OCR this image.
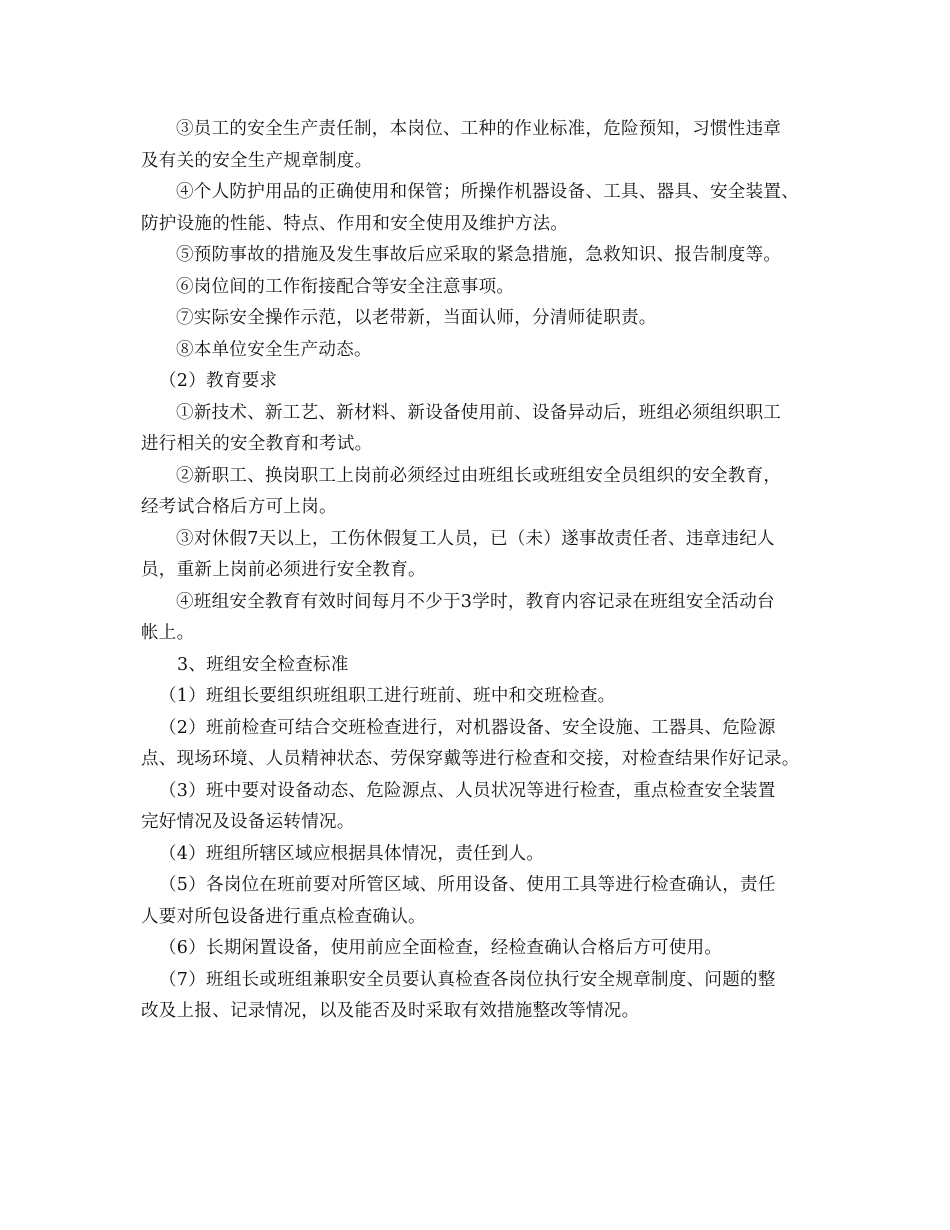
③员工的安全生产责任制，本岗位、工种的作业标准，危险预知，习惯性违章
及有关的安全生产规章制度。
④个人防护用品的正确使用和保管；所操作机器设备、工具、器具、安全装置、
防护设施的性能、特点、作用和安全使用及维护方法。
⑤预防事故的措施及发生事故后应采取的紧急措施，急救知识、报告制度等。
⑥岗位间的工作衔接配合等安全注意事项。
⑦实际安全操作示范，以老带新，当面认师，分清师徒职责。
⑧本单位安全生产动态。
（2）教育要求
①新技术、新工艺、新材料、新设备使用前、设备异动后，班组必须组织职工
进行相关的安全教育和考试。
②新职工、换岗职工上岗前必须经过由班组长或班组安全员组织的安全教育，
经考试合格后方可上岗。
③对休假7天以上，工伤休假复工人员，已（未）遂事故责任者、违章违纪人
员，重新上岗前必须进行安全教育。
④班组安全教育有效时间每月不少于3学时，教育内容记录在班组安全活动台
帐上。
3、班组安全检查标准
（1）班组长要组织班组职工进行班前、班中和交班检查。
（2）班前检查可结合交班检查进行，对机器设备、安全设施、工器具、危险源
点、现场环境、人员精神状态、劳保穿戴等进行检查和交接，对检查结果作好记录。
（3）班中要对设备动态、危险源点、人员状况等进行检查，重点检查安全装置
完好情况及设备运转情况。
（4）班组所辖区域应根据具体情况，责任到人。
（5）各岗位在班前要对所管区域、所用设备、使用工具等进行检查确认，责任
人要对所包设备进行重点检查确认。
（6）长期闲置设备，使用前应全面检查，经检查确认合格后方可使用。
（7）班组长或班组兼职安全员要认真检查各岗位执行安全规章制度、问题的整
改及上报、记录情况，以及能否及时采取有效措施整改等情况。
